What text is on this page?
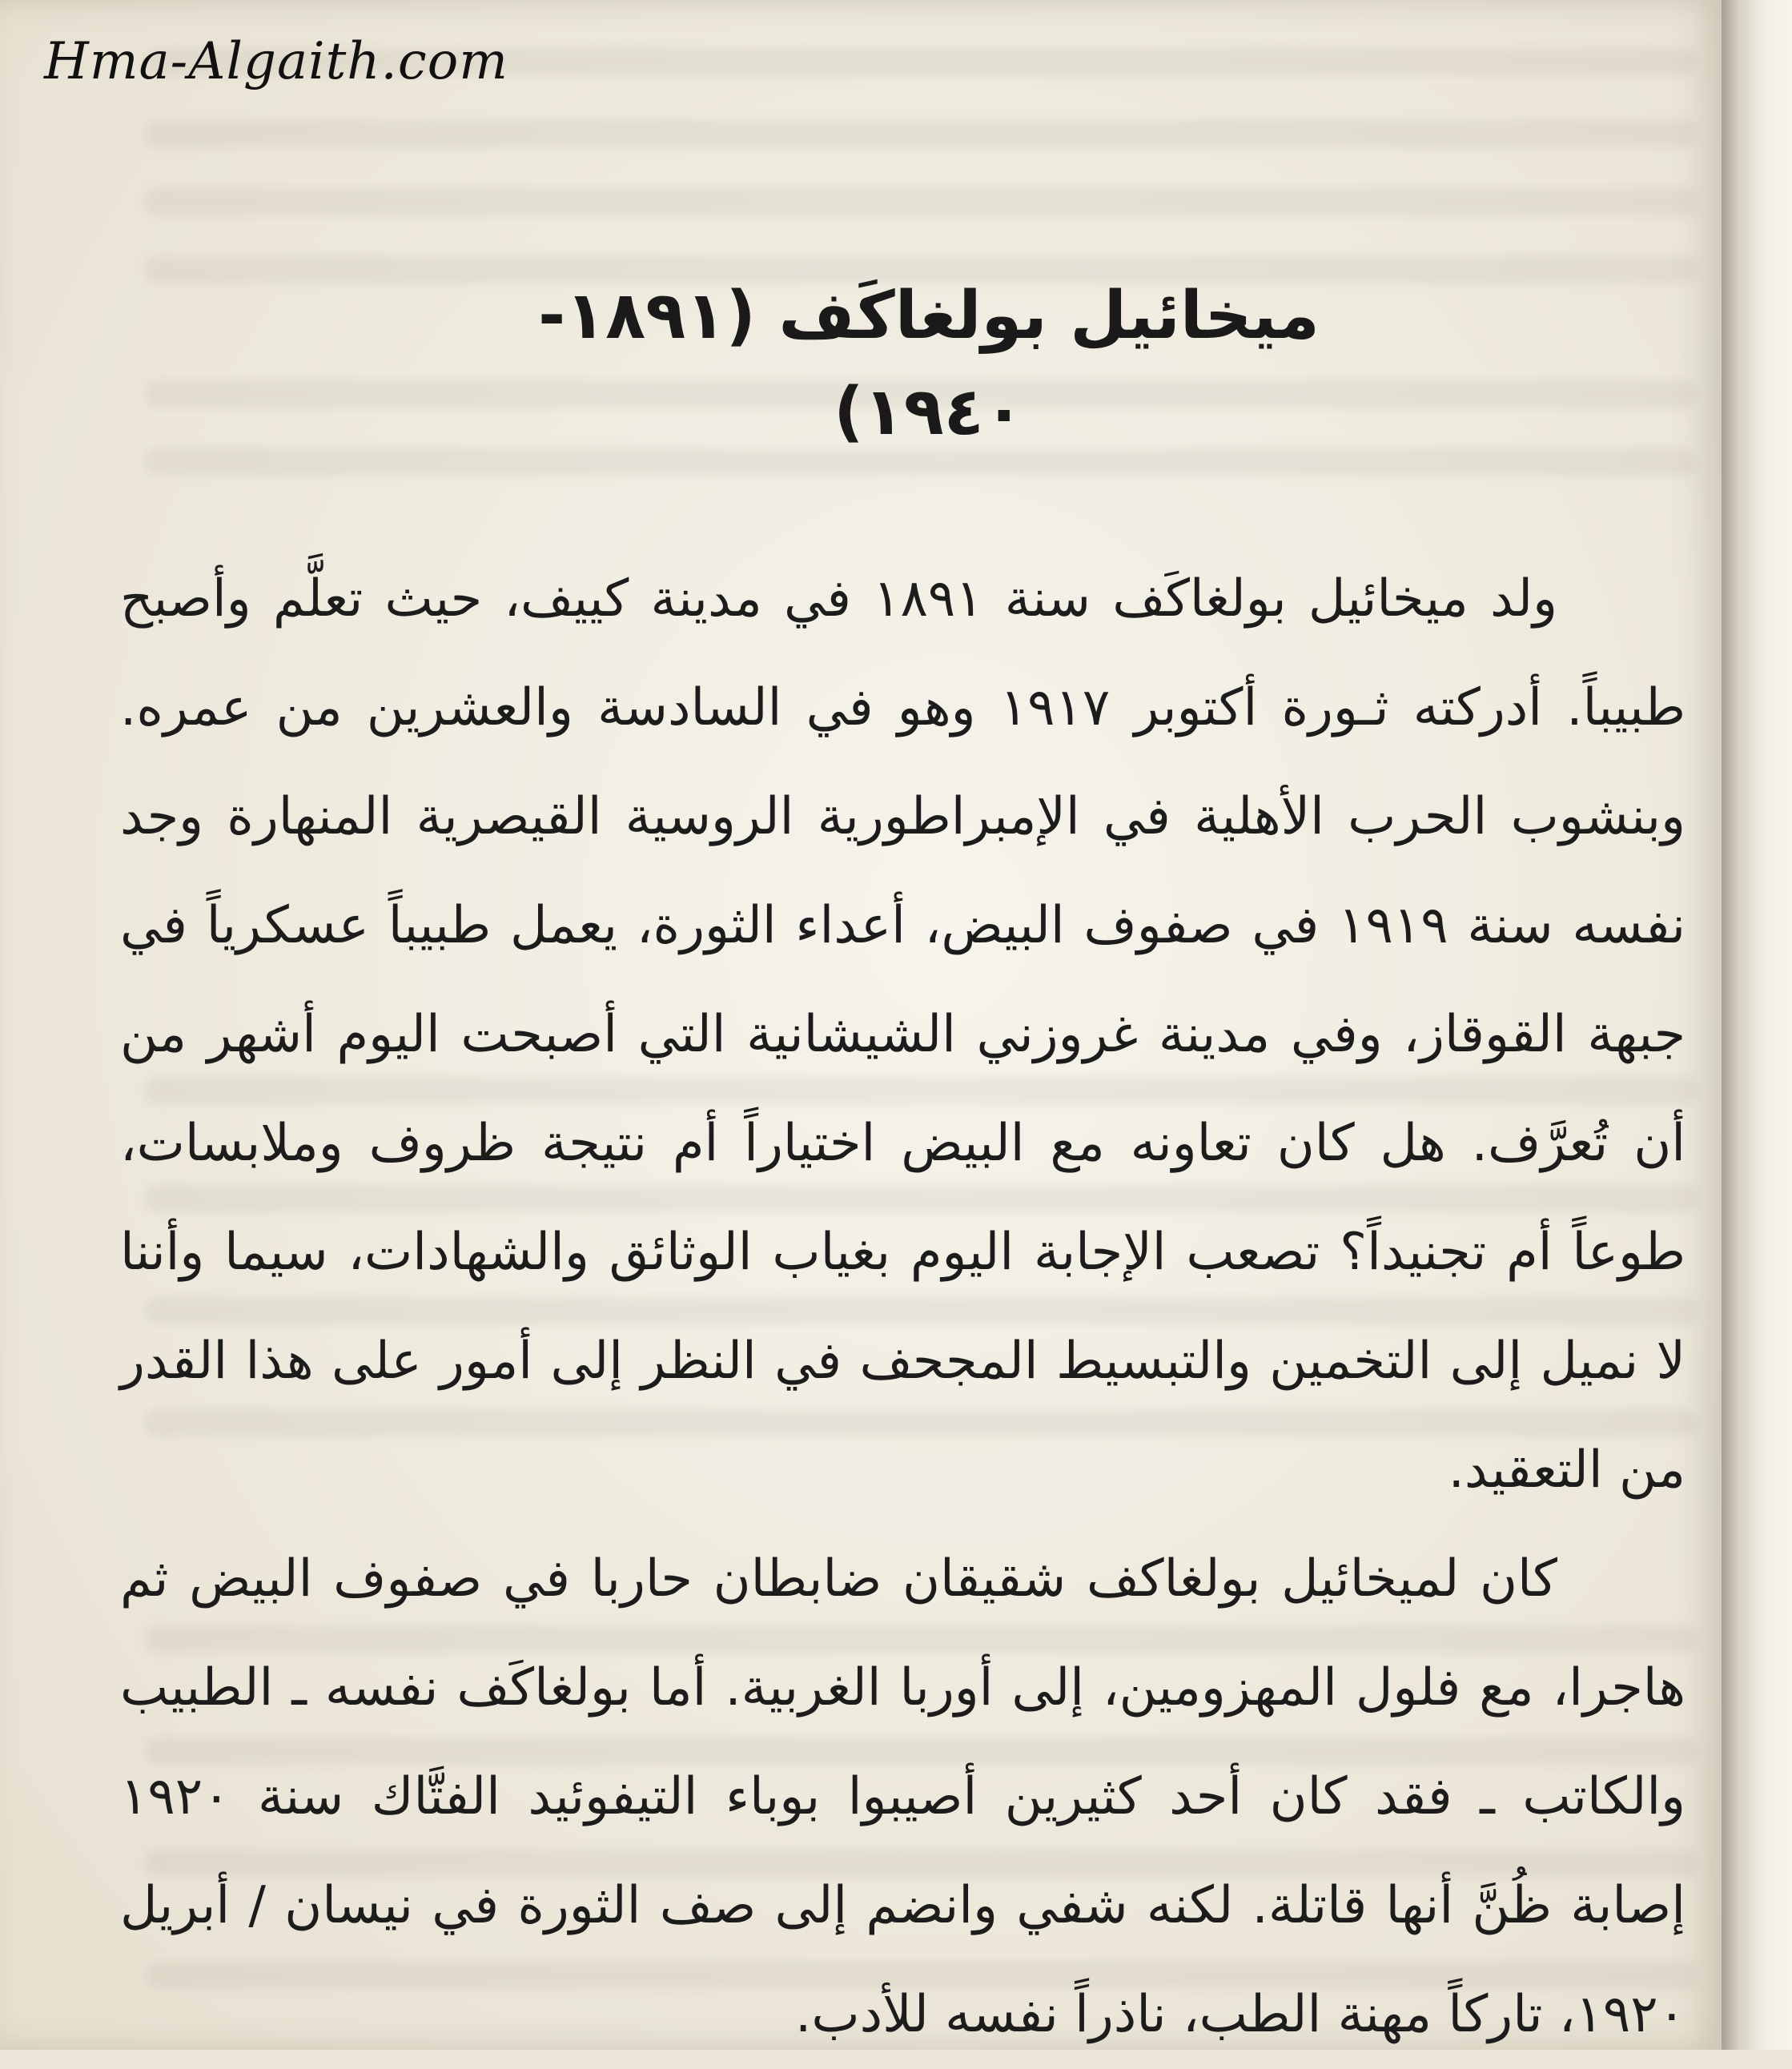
Hma-Algaith.com

ميخائيل بولغاكَف (١٨٩١- ١٩٤٠)

ولد ميخائيل بولغاكَف سنة ١٨٩١ في مدينة كييف، حيث تعلَّم وأصبح طبيباً. أدركته ثـورة أكتوبر ١٩١٧ وهو في السادسة والعشرين من عمره. وبنشوب الحرب الأهلية في الإمبراطورية الروسية القيصرية المنهارة وجد نفسه سنة ١٩١٩ في صفوف البيض، أعداء الثورة، يعمل طبيباً عسكرياً في جبهة القوقاز، وفي مدينة غروزني الشيشانية التي أصبحت اليوم أشهر من أن تُعرَّف. هل كان تعاونه مع البيض اختياراً أم نتيجة ظروف وملابسات، طوعاً أم تجنيداً؟ تصعب الإجابة اليوم بغياب الوثائق والشهادات، سيما وأننا لا نميل إلى التخمين والتبسيط المجحف في النظر إلى أمور على هذا القدر من التعقيد.

كان لميخائيل بولغاكف شقيقان ضابطان حاربا في صفوف البيض ثم هاجرا، مع فلول المهزومين، إلى أوربا الغربية. أما بولغاكَف نفسه ـ الطبيب والكاتب ـ فقد كان أحد كثيرين أصيبوا بوباء التيفوئيد الفتَّاك سنة ١٩٢٠ إصابة ظُنَّ أنها قاتلة. لكنه شفي وانضم إلى صف الثورة في نيسان / أبريل ١٩٢٠، تاركاً مهنة الطب، ناذراً نفسه للأدب.
